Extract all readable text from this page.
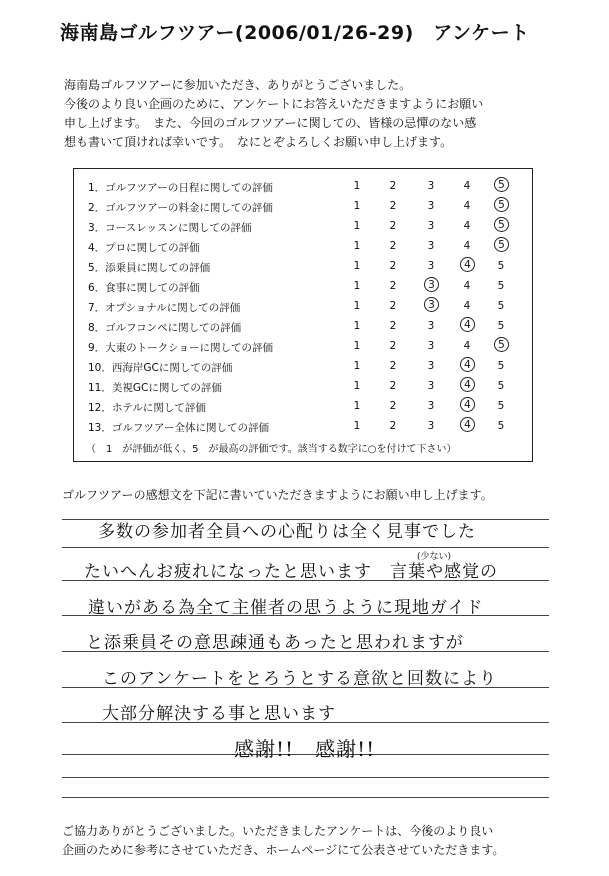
海南島ゴルフツアー(2006/01/26-29)　アンケート
海南島ゴルフツアーに参加いただき、ありがとうございました。
今後のより良い企画のために、アンケートにお答えいただきますようにお願い
申し上げます。　また、今回のゴルフツアーに関しての、皆様の忌憚のない感
想も書いて頂ければ幸いです。　なにとぞよろしくお願い申し上げます。
1．ゴルフツアーの日程に関しての評価	1	2	3	4	5
2．ゴルフツアーの料金に関しての評価	1	2	3	4	5
3．コースレッスンに関しての評価	1	2	3	4	5
4．プロに関しての評価	1	2	3	4	5
5．添乗員に関しての評価	1	2	3	4	5
6．食事に関しての評価	1	2	3	4	5
7．オプショナルに関しての評価	1	2	3	4	5
8．ゴルフコンペに関しての評価	1	2	3	4	5
9．大東のトークショーに関しての評価	1	2	3	4	5
10．西海岸GCに関しての評価	1	2	3	4	5
11．美視GCに関しての評価	1	2	3	4	5
12．ホテルに関して評価	1	2	3	4	5
13．ゴルフツアー全体に関しての評価	1	2	3	4	5
（　1　が評価が低く、5　が最高の評価です。該当する数字に○を付けて下さい）
ゴルフツアーの感想文を下記に書いていただきますようにお願い申し上げます。
多数の参加者全員への心配りは全く見事でした
たいへんお疲れになったと思います　言葉や感覚の
(少ない)
違いがある為全て主催者の思うように現地ガイド
と添乗員その意思疎通もあったと思われますが
このアンケートをとろうとする意欲と回数により
大部分解決する事と思います
感謝!!　感謝!!
ご協力ありがとうございました。いただきましたアンケートは、今後のより良い
企画のために参考にさせていただき、ホームページにて公表させていただきます。
